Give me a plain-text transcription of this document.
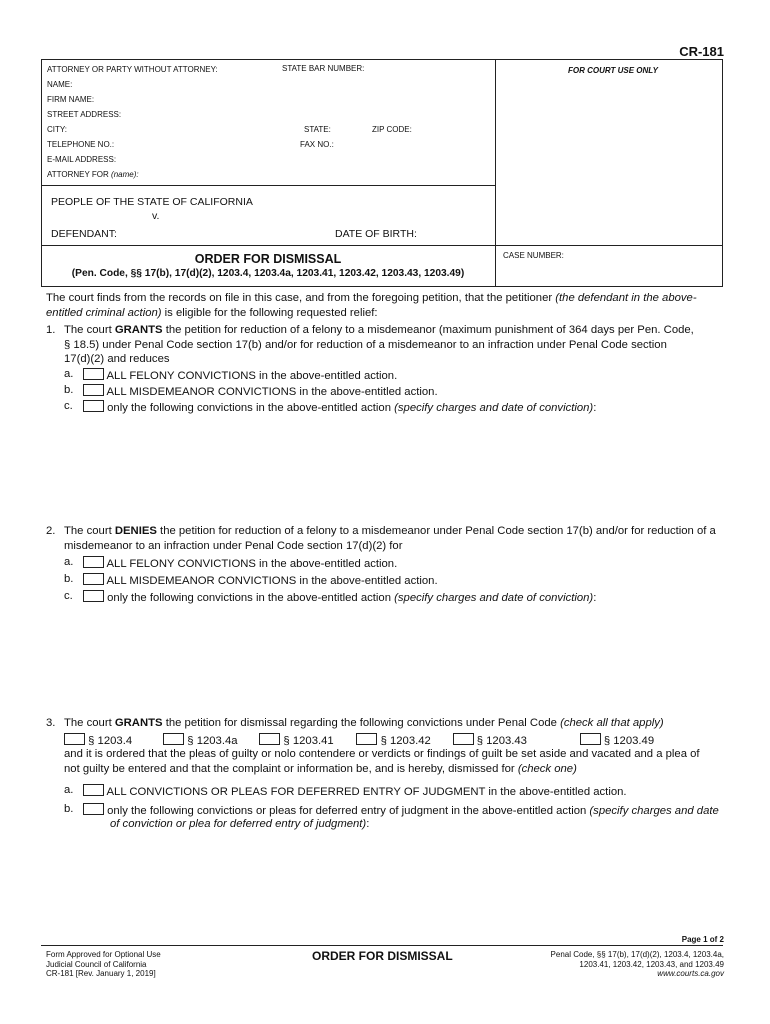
CR-181
ATTORNEY OR PARTY WITHOUT ATTORNEY:	STATE BAR NUMBER:	FOR COURT USE ONLY
NAME:
FIRM NAME:
STREET ADDRESS:
CITY:	STATE:	ZIP CODE:
TELEPHONE NO.:	FAX NO.:
E-MAIL ADDRESS:
ATTORNEY FOR (name):
PEOPLE OF THE STATE OF CALIFORNIA
v.
DEFENDANT:	DATE OF BIRTH:
ORDER FOR DISMISSAL
(Pen. Code, §§ 17(b), 17(d)(2), 1203.4, 1203.4a, 1203.41, 1203.42, 1203.43, 1203.49)
CASE NUMBER:
The court finds from the records on file in this case, and from the foregoing petition, that the petitioner (the defendant in the above-
entitled criminal action) is eligible for the following requested relief:
1. The court GRANTS the petition for reduction of a felony to a misdemeanor (maximum punishment of 364 days per Pen. Code,
§ 18.5) under Penal Code section 17(b) and/or for reduction of a misdemeanor to an infraction under Penal Code section
17(d)(2) and reduces
a.	ALL FELONY CONVICTIONS in the above-entitled action.
b.	ALL MISDEMEANOR CONVICTIONS in the above-entitled action.
c.	only the following convictions in the above-entitled action (specify charges and date of conviction):
2. The court DENIES the petition for reduction of a felony to a misdemeanor under Penal Code section 17(b) and/or for reduction of a
misdemeanor to an infraction under Penal Code section 17(d)(2) for
a.	ALL FELONY CONVICTIONS in the above-entitled action.
b.	ALL MISDEMEANOR CONVICTIONS in the above-entitled action.
c.	only the following convictions in the above-entitled action (specify charges and date of conviction):
3. The court GRANTS the petition for dismissal regarding the following convictions under Penal Code (check all that apply)
§ 1203.4	§ 1203.4a	§ 1203.41	§ 1203.42	§ 1203.43	§ 1203.49
and it is ordered that the pleas of guilty or nolo contendere or verdicts or findings of guilt be set aside and vacated and a plea of
not guilty be entered and that the complaint or information be, and is hereby, dismissed for (check one)
a.	ALL CONVICTIONS OR PLEAS FOR DEFERRED ENTRY OF JUDGMENT in the above-entitled action.
b.	only the following convictions or pleas for deferred entry of judgment in the above-entitled action (specify charges and date
of conviction or plea for deferred entry of judgment):
Page 1 of 2
Form Approved for Optional Use
Judicial Council of California
CR-181 [Rev. January 1, 2019]
ORDER FOR DISMISSAL	Penal Code, §§ 17(b), 17(d)(2), 1203.4, 1203.4a,
1203.41, 1203.42, 1203.43, and 1203.49
www.courts.ca.gov
